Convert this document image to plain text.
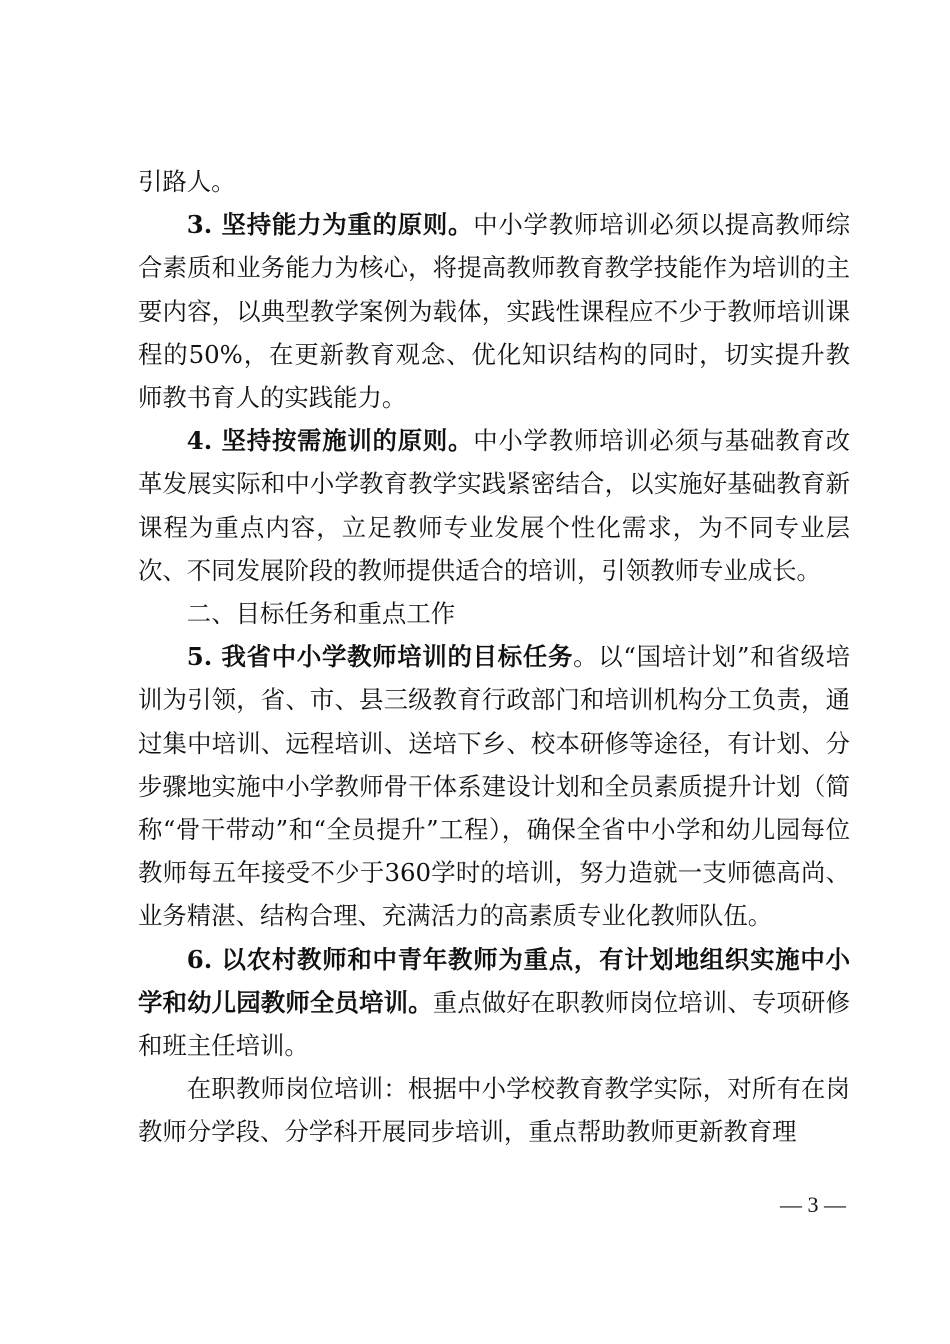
引路人。

3. 坚持能力为重的原则。中小学教师培训必须以提高教师综合素质和业务能力为核心，将提高教师教育教学技能作为培训的主要内容，以典型教学案例为载体，实践性课程应不少于教师培训课程的50%，在更新教育观念、优化知识结构的同时，切实提升教师教书育人的实践能力。

4. 坚持按需施训的原则。中小学教师培训必须与基础教育改革发展实际和中小学教育教学实践紧密结合，以实施好基础教育新课程为重点内容，立足教师专业发展个性化需求，为不同专业层次、不同发展阶段的教师提供适合的培训，引领教师专业成长。

二、目标任务和重点工作

5. 我省中小学教师培训的目标任务。以“国培计划”和省级培训为引领，省、市、县三级教育行政部门和培训机构分工负责，通过集中培训、远程培训、送培下乡、校本研修等途径，有计划、分步骤地实施中小学教师骨干体系建设计划和全员素质提升计划（简称“骨干带动”和“全员提升”工程），确保全省中小学和幼儿园每位教师每五年接受不少于360学时的培训，努力造就一支师德高尚、业务精湛、结构合理、充满活力的高素质专业化教师队伍。

6. 以农村教师和中青年教师为重点，有计划地组织实施中小学和幼儿园教师全员培训。重点做好在职教师岗位培训、专项研修和班主任培训。

在职教师岗位培训：根据中小学校教育教学实际，对所有在岗教师分学段、分学科开展同步培训，重点帮助教师更新教育理

— 3 —
